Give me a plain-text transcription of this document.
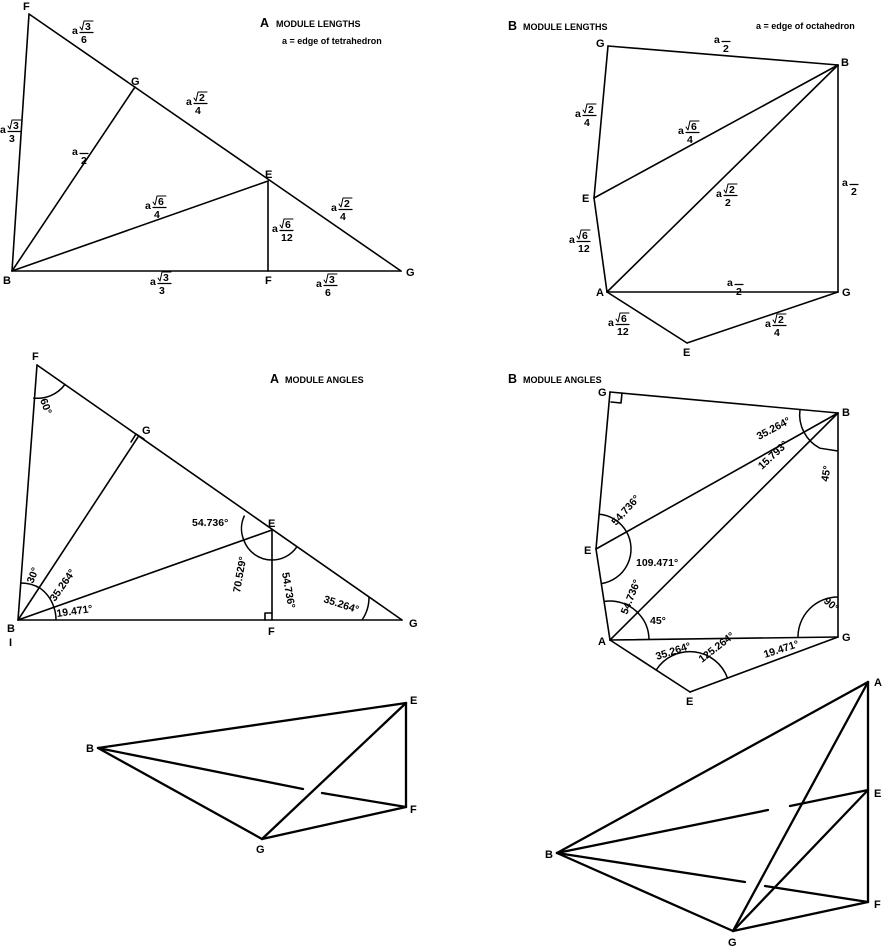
A MODULE LENGTHS
a = edge of tetrahedron
F
G
E
B	F
G
a 3
6
a 3
3
a
2
a 2
4
a 6
4
a 6
12
a 2
4
a 3
3
a 3
6
B MODULE LENGTHS	a = edge of octahedron
G
B
E
A	G
E
a
2
a 2
4
a 6
4
a 2
2
a
2
a 6
12
a
2
a 6
12
a 2
4
A MODULE ANGLES
F
G
E
B	F
G
I
60°
30° 35.264°
19.471°
54.736°
70.529°	54.736° 35.264°
B MODULE ANGLES
G
B
E
A	G
E
35.264°
15.793°
45°
54.736°
109.471°
54.736°
45°
90°
35.264° 125.264° 19.471°
B
E
F
G
A
E
B
F
G
